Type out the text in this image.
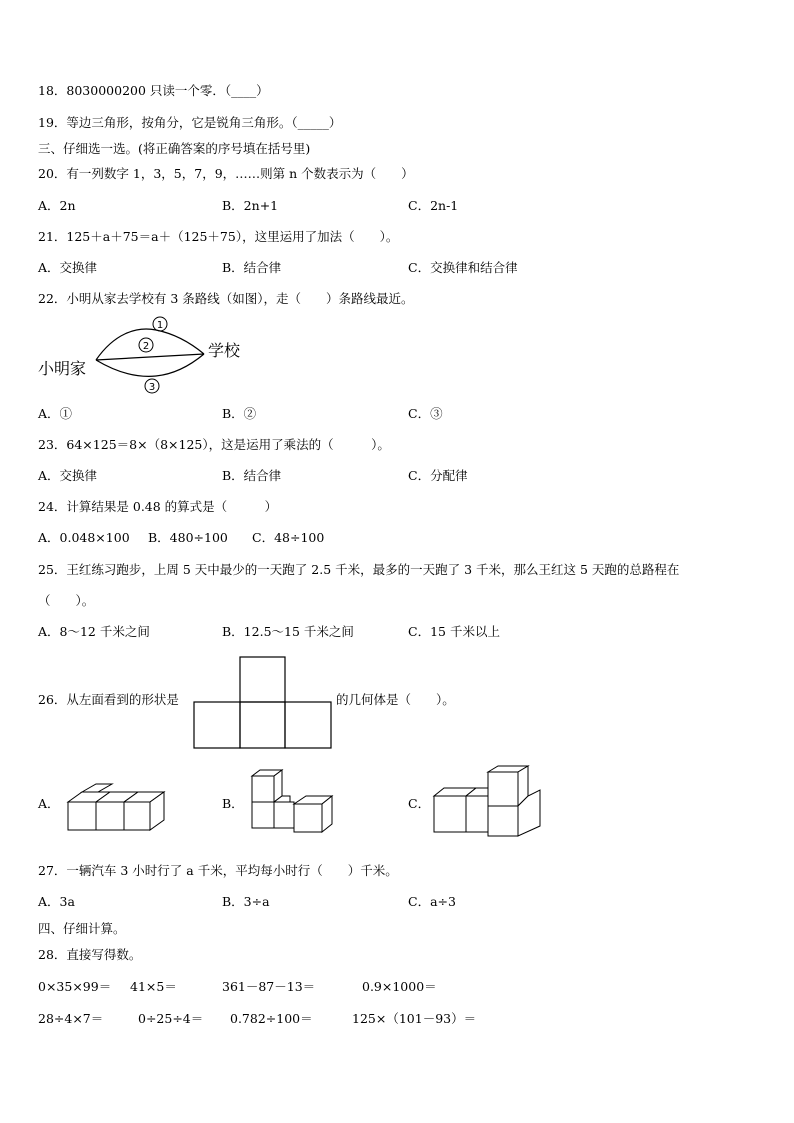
18．8030000200 只读一个零．（____）
19．等边三角形，按角分，它是锐角三角形。（_____）
三、仔细选一选。(将正确答案的序号填在括号里)
20．有一列数字 1，3，5，7，9，……则第 n 个数表示为（　　）
A．2n	B．2n+1	C．2n-1
21．125＋a＋75＝a＋（125＋75），这里运用了加法（　　）。
A．交换律	B．结合律	C．交换律和结合律
22．小明从家去学校有 3 条路线（如图），走（　　）条路线最近。
1
2
3
小明家
学校
A．①	B．②	C．③
23．64×125＝8×（8×125），这是运用了乘法的（　　　）。
A．交换律	B．结合律	C．分配律
24．计算结果是 0.48 的算式是（　　　）
A．0.048×100 B．480÷100 C．48÷100
25．王红练习跑步，上周 5 天中最少的一天跑了 2.5 千米，最多的一天跑了 3 千米，那么王红这 5 天跑的总路程在
（　　）。
A．8～12 千米之间	B．12.5～15 千米之间	C．15 千米以上
26．从左面看到的形状是	的几何体是（　　）。
A．	B．	C．
27．一辆汽车 3 小时行了 a 千米，平均每小时行（　　）千米。
A．3a	B．3÷a	C．a÷3
四、仔细计算。
28．直接写得数。
0×35×99＝ 41×5＝	361－87－13＝	0.9×1000＝
28÷4×7＝	0÷25÷4＝ 0.782÷100＝	125×（101－93）＝
